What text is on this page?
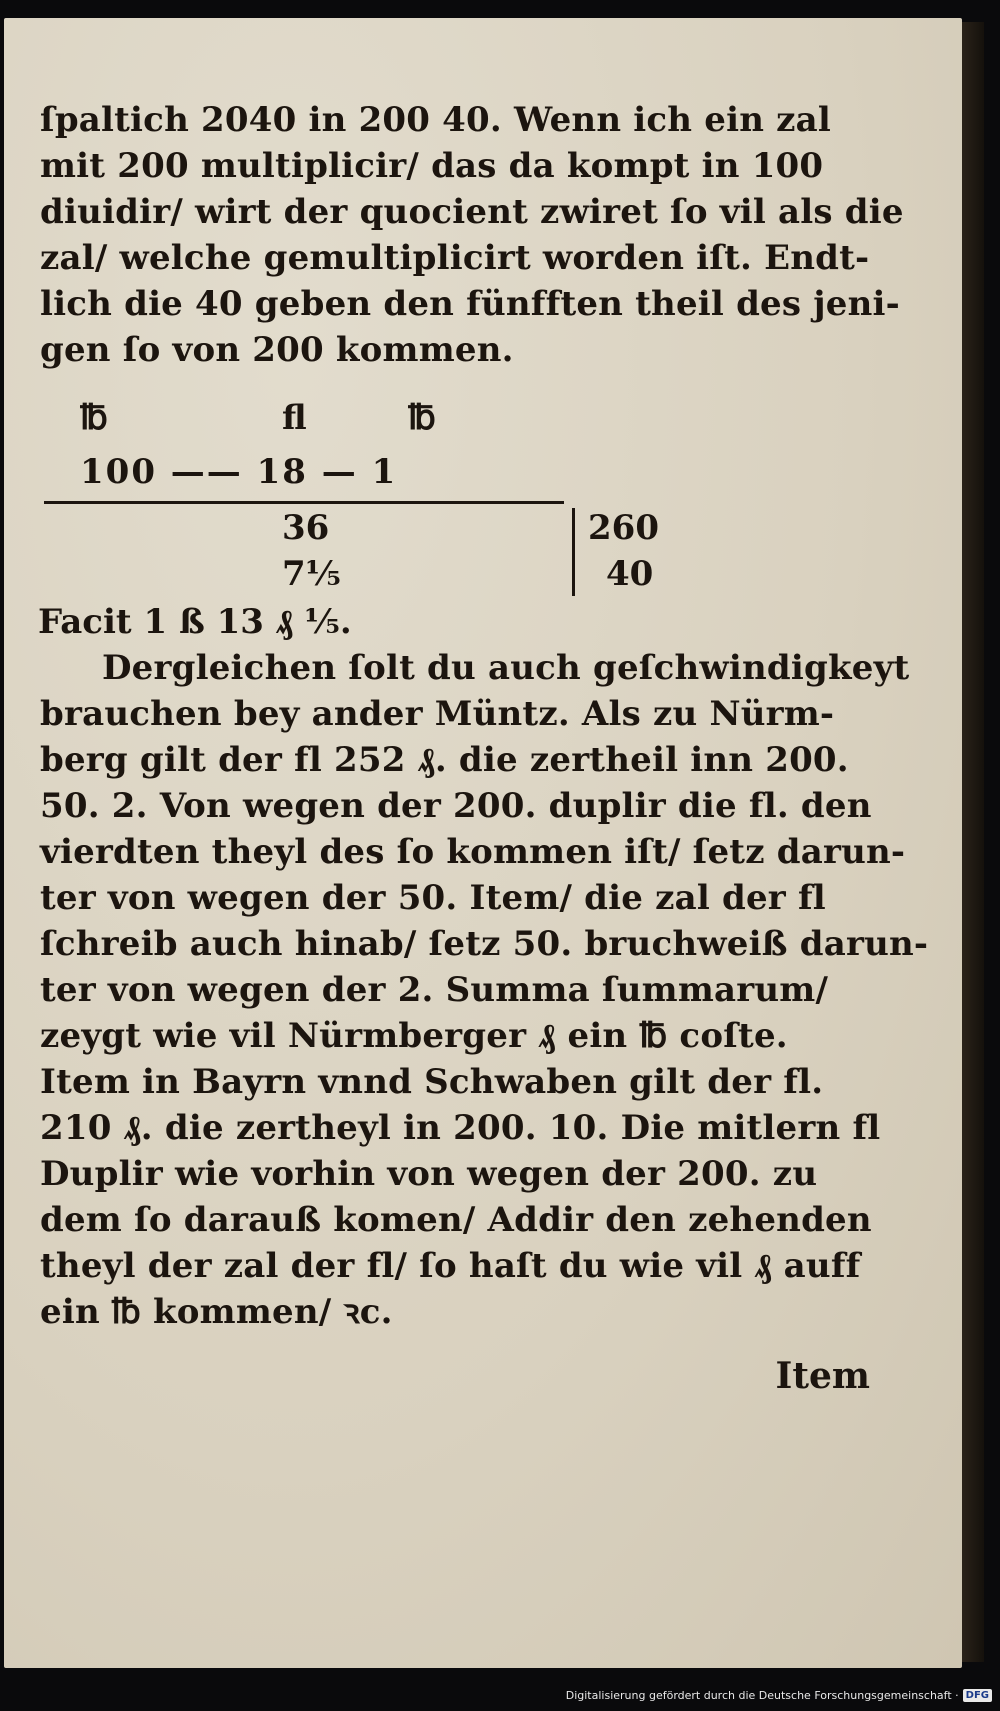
ſpaltich 2040 in 200 40. Wenn ich ein zal
mit 200 multiplicir/ das da kompt in 100
diuidir/ wirt der quocient zwiret ſo vil als die
zal/ welche gemultiplicirt worden iſt. Endt-
lich die 40 geben den fünfften theil des jeni-
gen ſo von 200 kommen.
℔	fl	℔
100 —— 18 — 1
36
7⅕
260
40
Facit 1 ß 13 ₰ ⅕.
Dergleichen ſolt du auch geſchwindigkeyt
brauchen bey ander Müntz. Als zu Nürm-
berg gilt der fl 252 ₰. die zertheil inn 200.
50. 2. Von wegen der 200. duplir die fl. den
vierdten theyl des ſo kommen iſt/ ſetz darun-
ter von wegen der 50. Item/ die zal der fl
ſchreib auch hinab/ ſetz 50. bruchweiß darun-
ter von wegen der 2. Summa ſummarum/
zeygt wie vil Nürmberger ₰ ein ℔ coſte.
Item in Bayrn vnnd Schwaben gilt der fl.
210 ₰. die zertheyl in 200. 10. Die mitlern fl
Duplir wie vorhin von wegen der 200. zu
dem ſo darauß komen/ Addir den zehenden
theyl der zal der fl/ ſo haſt du wie vil ₰ auff
ein ℔ kommen/ ꝛc.
Item
Digitalisierung gefördert durch die Deutsche Forschungsgemeinschaft · DFG
